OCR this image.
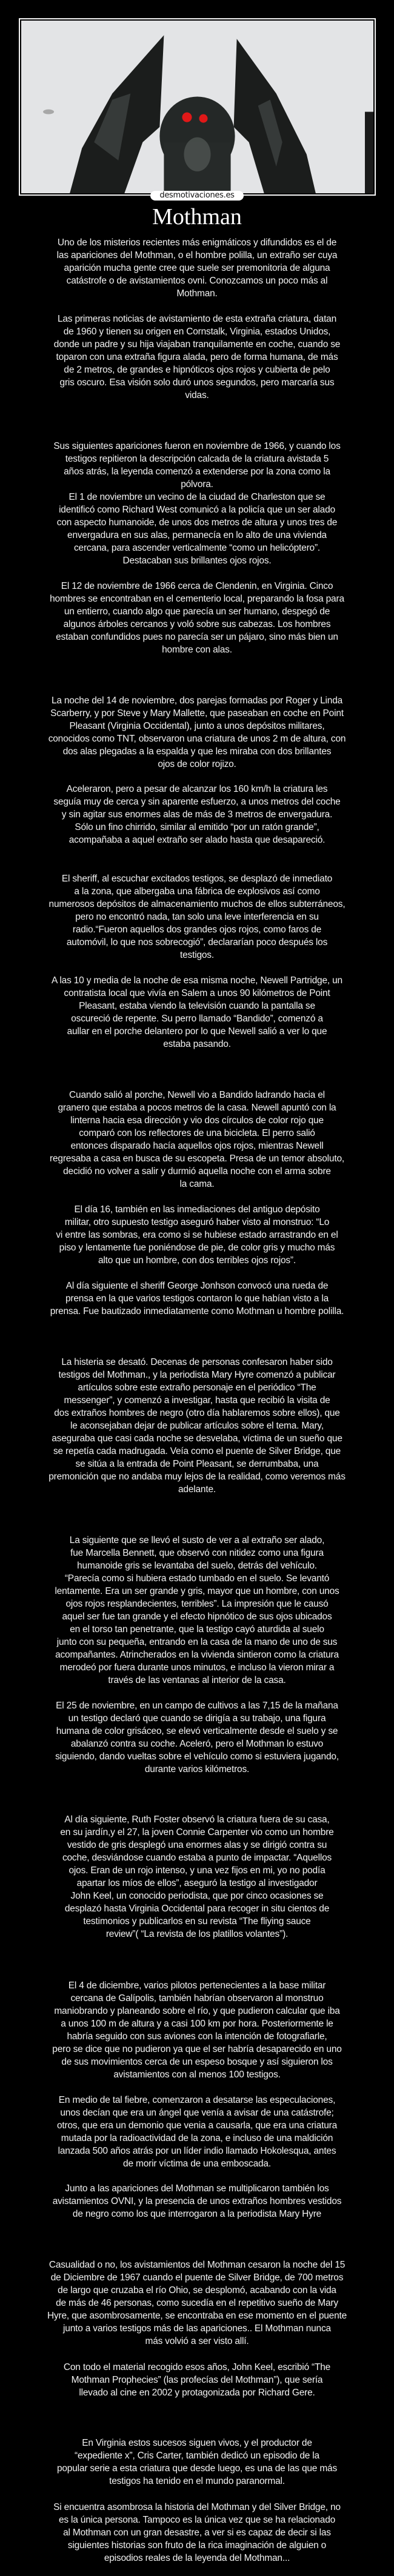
desmotivaciones.es
Mothman
Uno de los misterios recientes más enigmáticos y difundidos es el de
las apariciones del Mothman, o el hombre polilla, un extraño ser cuya
aparición mucha gente cree que suele ser premonitoria de alguna
catástrofe o de avistamientos ovni. Conozcamos un poco más al
Mothman.
Las primeras noticias de avistamiento de esta extraña criatura, datan
de 1960 y tienen su origen en Cornstalk, Virginia, estados Unidos,
donde un padre y su hija viajaban tranquilamente en coche, cuando se
toparon con una extraña figura alada, pero de forma humana, de más
de 2 metros, de grandes e hipnóticos ojos rojos y cubierta de pelo
gris oscuro. Esa visión solo duró unos segundos, pero marcaría sus
vidas.
Sus siguientes apariciones fueron en noviembre de 1966, y cuando los
testigos repitieron la descripción calcada de la criatura avistada 5
años atrás, la leyenda comenzó a extenderse por la zona como la
pólvora.
El 1 de noviembre un vecino de la ciudad de Charleston que se
identificó como Richard West comunicó a la policía que un ser alado
con aspecto humanoide, de unos dos metros de altura y unos tres de
envergadura en sus alas, permanecía en lo alto de una vivienda
cercana, para ascender verticalmente “como un helicóptero”.
Destacaban sus brillantes ojos rojos.
El 12 de noviembre de 1966 cerca de Clendenin, en Virginia. Cinco
hombres se encontraban en el cementerio local, preparando la fosa para
un entierro, cuando algo que parecía un ser humano, despegó de
algunos árboles cercanos y voló sobre sus cabezas. Los hombres
estaban confundidos pues no parecía ser un pájaro, sino más bien un
hombre con alas.
La noche del 14 de noviembre, dos parejas formadas por Roger y Linda
Scarberry, y por Steve y Mary Mallette, que paseaban en coche en Point
Pleasant (Virginia Occidental), junto a unos depósitos militares,
conocidos como TNT, observaron una criatura de unos 2 m de altura, con
dos alas plegadas a la espalda y que les miraba con dos brillantes
ojos de color rojizo.
Aceleraron, pero a pesar de alcanzar los 160 km/h la criatura les
seguía muy de cerca y sin aparente esfuerzo, a unos metros del coche
y sin agitar sus enormes alas de más de 3 metros de envergadura.
Sólo un fino chirrido, similar al emitido “por un ratón grande”,
acompañaba a aquel extraño ser alado hasta que desapareció.
El sheriff, al escuchar excitados testigos, se desplazó de inmediato
a la zona, que albergaba una fábrica de explosivos así como
numerosos depósitos de almacenamiento muchos de ellos subterráneos,
pero no encontró nada, tan solo una leve interferencia en su
radio.“Fueron aquellos dos grandes ojos rojos, como faros de
automóvil, lo que nos sobrecogió”, declararían poco después los
testigos.
A las 10 y media de la noche de esa misma noche, Newell Partridge, un
contratista local que vivía en Salem a unos 90 kilómetros de Point
Pleasant, estaba viendo la televisión cuando la pantalla se
oscureció de repente. Su perro llamado “Bandido”, comenzó a
aullar en el porche delantero por lo que Newell salió a ver lo que
estaba pasando.
Cuando salió al porche, Newell vio a Bandido ladrando hacia el
granero que estaba a pocos metros de la casa. Newell apuntó con la
linterna hacia esa dirección y vio dos círculos de color rojo que
comparó con los reflectores de una bicicleta. El perro salió
entonces disparado hacía aquellos ojos rojos, mientras Newell
regresaba a casa en busca de su escopeta. Presa de un temor absoluto,
decidió no volver a salir y durmió aquella noche con el arma sobre
la cama.
El día 16, también en las inmediaciones del antiguo depósito
militar, otro supuesto testigo aseguró haber visto al monstruo: “Lo
vi entre las sombras, era como si se hubiese estado arrastrando en el
piso y lentamente fue poniéndose de pie, de color gris y mucho más
alto que un hombre, con dos terribles ojos rojos”.
Al día siguiente el sheriff George Jonhson convocó una rueda de
prensa en la que varios testigos contaron lo que habían visto a la
prensa. Fue bautizado inmediatamente como Mothman u hombre polilla.
La histeria se desató. Decenas de personas confesaron haber sido
testigos del Mothman., y la periodista Mary Hyre comenzó a publicar
artículos sobre este extraño personaje en el periódico “The
messenger”, y comenzó a investigar, hasta que recibió la visita de
dos extraños hombres de negro (otro día hablaremos sobre ellos), que
le aconsejaban dejar de publicar artículos sobre el tema. Mary,
aseguraba que casi cada noche se desvelaba, víctima de un sueño que
se repetía cada madrugada. Veía como el puente de Silver Bridge, que
se sitúa a la entrada de Point Pleasant, se derrumbaba, una
premonición que no andaba muy lejos de la realidad, como veremos más
adelante.
La siguiente que se llevó el susto de ver a al extraño ser alado,
fue Marcella Bennett, que observó con nitidez como una figura
humanoide gris se levantaba del suelo, detrás del vehículo.
“Parecía como si hubiera estado tumbado en el suelo. Se levantó
lentamente. Era un ser grande y gris, mayor que un hombre, con unos
ojos rojos resplandecientes, terribles”. La impresión que le causó
aquel ser fue tan grande y el efecto hipnótico de sus ojos ubicados
en el torso tan penetrante, que la testigo cayó aturdida al suelo
junto con su pequeña, entrando en la casa de la mano de uno de sus
acompañantes. Atrincherados en la vivienda sintieron como la criatura
merodeó por fuera durante unos minutos, e incluso la vieron mirar a
través de las ventanas al interior de la casa.
El 25 de noviembre, en un campo de cultivos a las 7,15 de la mañana
un testigo declaró que cuando se dirigía a su trabajo, una figura
humana de color grisáceo, se elevó verticalmente desde el suelo y se
abalanzó contra su coche. Aceleró, pero el Mothman lo estuvo
siguiendo, dando vueltas sobre el vehículo como si estuviera jugando,
durante varios kilómetros.
Al día siguiente, Ruth Foster observó la criatura fuera de su casa,
en su jardín,y el 27, la joven Connie Carpenter vio como un hombre
vestido de gris desplegó una enormes alas y se dirigió contra su
coche, desviándose cuando estaba a punto de impactar. “Aquellos
ojos. Eran de un rojo intenso, y una vez fijos en mi, yo no podía
apartar los míos de ellos”, aseguró la testigo al investigador
John Keel, un conocido periodista, que por cinco ocasiones se
desplazó hasta Virginia Occidental para recoger in situ cientos de
testimonios y publicarlos en su revista “The fliying sauce
review”( “La revista de los platillos volantes”).
El 4 de diciembre, varios pilotos pertenecientes a la base militar
cercana de Galípolis, también habrían observaron al monstruo
maniobrando y planeando sobre el río, y que pudieron calcular que iba
a unos 100 m de altura y a casi 100 km por hora. Posteriormente le
habría seguido con sus aviones con la intención de fotografiarle,
pero se dice que no pudieron ya que el ser habría desaparecido en uno
de sus movimientos cerca de un espeso bosque y así siguieron los
avistamientos con al menos 100 testigos.
En medio de tal fiebre, comenzaron a desatarse las especulaciones,
unos decían que era un ángel que venía a avisar de una catástrofe;
otros, que era un demonio que venia a causarla, que era una criatura
mutada por la radioactividad de la zona, e incluso de una maldición
lanzada 500 años atrás por un líder indio llamado Hokolesqua, antes
de morir víctima de una emboscada.
Junto a las apariciones del Mothman se multiplicaron también los
avistamientos OVNI, y la presencia de unos extraños hombres vestidos
de negro como los que interrogaron a la periodista Mary Hyre
Casualidad o no, los avistamientos del Mothman cesaron la noche del 15
de Diciembre de 1967 cuando el puente de Silver Bridge, de 700 metros
de largo que cruzaba el río Ohio, se desplomó, acabando con la vida
de más de 46 personas, como sucedía en el repetitivo sueño de Mary
Hyre, que asombrosamente, se encontraba en ese momento en el puente
junto a varios testigos más de las apariciones.. El Mothman nunca
más volvió a ser visto allí.
Con todo el material recogido esos años, John Keel, escribió “The
Mothman Prophecies” (las profecías del Mothman”), que sería
llevado al cine en 2002 y protagonizada por Richard Gere.
En Virginia estos sucesos siguen vivos, y el productor de
“expediente x”, Cris Carter, también dedicó un episodio de la
popular serie a esta criatura que desde luego, es una de las que más
testigos ha tenido en el mundo paranormal.
Si encuentra asombrosa la historia del Mothman y del Silver Bridge, no
es la única persona. Tampoco es la única vez que se ha relacionado
al Mothman con un gran desastre, a ver si es capaz de decir si las
siguientes historias son fruto de la rica imaginación de alguien o
episodios reales de la leyenda del Mothman...
